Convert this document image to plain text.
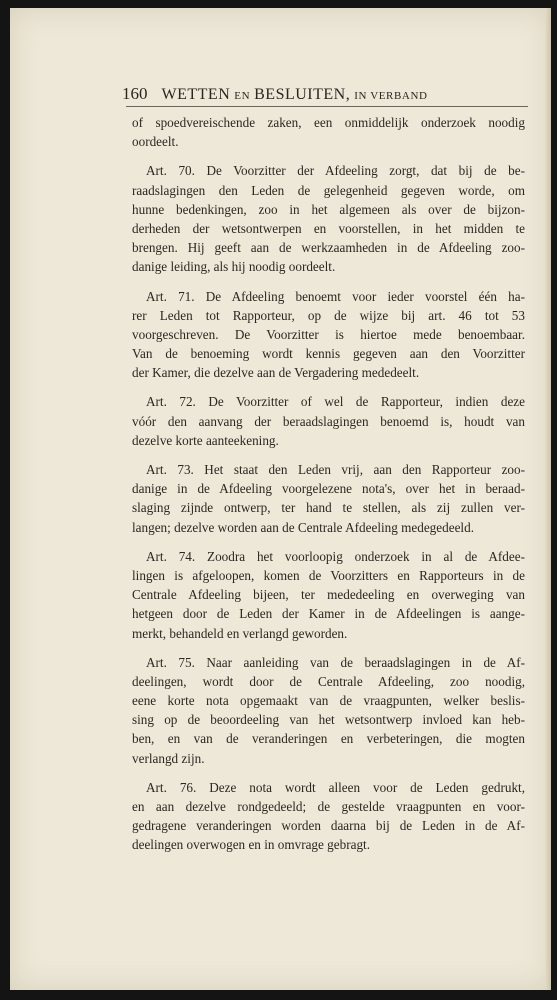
160 WETTEN EN BESLUITEN, IN VERBAND
of spoedvereischende zaken, een onmiddelijk onderzoek noodig
oordeelt.
Art. 70. De Voorzitter der Afdeeling zorgt, dat bij de be-
raadslagingen den Leden de gelegenheid gegeven worde, om
hunne bedenkingen, zoo in het algemeen als over de bijzon-
derheden der wetsontwerpen en voorstellen, in het midden te
brengen. Hij geeft aan de werkzaamheden in de Afdeeling zoo-
danige leiding, als hij noodig oordeelt.
Art. 71. De Afdeeling benoemt voor ieder voorstel één ha-
rer Leden tot Rapporteur, op de wijze bij art. 46 tot 53
voorgeschreven. De Voorzitter is hiertoe mede benoembaar.
Van de benoeming wordt kennis gegeven aan den Voorzitter
der Kamer, die dezelve aan de Vergadering mededeelt.
Art. 72. De Voorzitter of wel de Rapporteur, indien deze
vóór den aanvang der beraadslagingen benoemd is, houdt van
dezelve korte aanteekening.
Art. 73. Het staat den Leden vrij, aan den Rapporteur zoo-
danige in de Afdeeling voorgelezene nota's, over het in beraad-
slaging zijnde ontwerp, ter hand te stellen, als zij zullen ver-
langen; dezelve worden aan de Centrale Afdeeling medegedeeld.
Art. 74. Zoodra het voorloopig onderzoek in al de Afdee-
lingen is afgeloopen, komen de Voorzitters en Rapporteurs in de
Centrale Afdeeling bijeen, ter mededeeling en overweging van
hetgeen door de Leden der Kamer in de Afdeelingen is aange-
merkt, behandeld en verlangd geworden.
Art. 75. Naar aanleiding van de beraadslagingen in de Af-
deelingen, wordt door de Centrale Afdeeling, zoo noodig,
eene korte nota opgemaakt van de vraagpunten, welker beslis-
sing op de beoordeeling van het wetsontwerp invloed kan heb-
ben, en van de veranderingen en verbeteringen, die mogten
verlangd zijn.
Art. 76. Deze nota wordt alleen voor de Leden gedrukt,
en aan dezelve rondgedeeld; de gestelde vraagpunten en voor-
gedragene veranderingen worden daarna bij de Leden in de Af-
deelingen overwogen en in omvrage gebragt.
